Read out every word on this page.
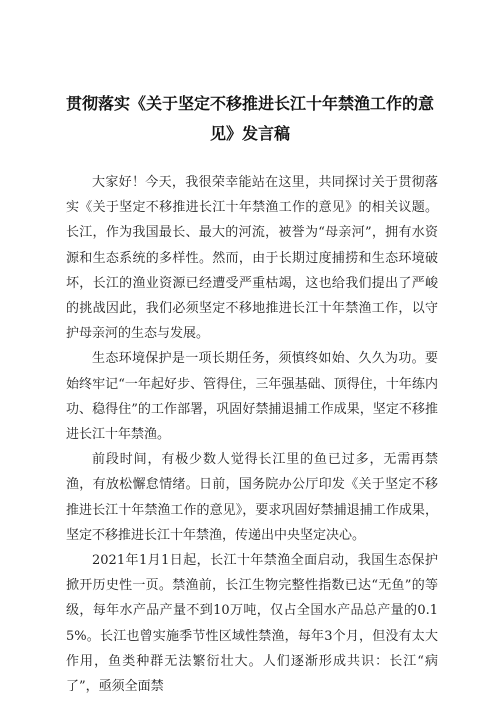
贯彻落实《关于坚定不移推进长江十年禁渔工作的意
见》发言稿

大家好！今天，我很荣幸能站在这里，共同探讨关于贯彻落实《关于坚定不移推进长江十年禁渔工作的意见》的相关议题。长江，作为我国最长、最大的河流，被誉为“母亲河”，拥有水资源和生态系统的多样性。然而，由于长期过度捕捞和生态环境破坏，长江的渔业资源已经遭受严重枯竭，这也给我们提出了严峻的挑战因此，我们必须坚定不移地推进长江十年禁渔工作，以守护母亲河的生态与发展。

生态环境保护是一项长期任务，须慎终如始、久久为功。要始终牢记“一年起好步、管得住，三年强基础、顶得住，十年练内功、稳得住”的工作部署，巩固好禁捕退捕工作成果，坚定不移推进长江十年禁渔。

前段时间，有极少数人觉得长江里的鱼已过多，无需再禁渔，有放松懈怠情绪。日前，国务院办公厅印发《关于坚定不移推进长江十年禁渔工作的意见》，要求巩固好禁捕退捕工作成果，坚定不移推进长江十年禁渔，传递出中央坚定决心。

2021年1月1日起，长江十年禁渔全面启动，我国生态保护掀开历史性一页。禁渔前，长江生物完整性指数已达“无鱼”的等级，每年水产品产量不到10万吨，仅占全国水产品总产量的0.15%。长江也曾实施季节性区域性禁渔，每年3个月，但没有太大作用，鱼类种群无法繁衍壮大。人们逐渐形成共识：长江“病了”，亟须全面禁
